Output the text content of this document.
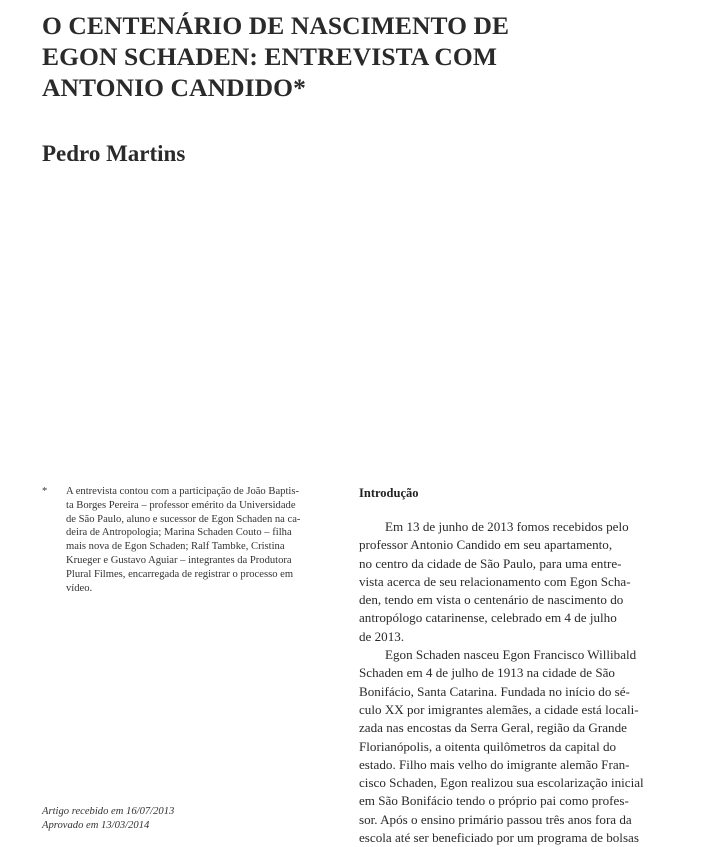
O CENTENÁRIO DE NASCIMENTO DE
EGON SCHADEN: ENTREVISTA COM
ANTONIO CANDIDO*
Pedro Martins
* A entrevista contou com a participação de João Baptis-
ta Borges Pereira – professor emérito da Universidade
de São Paulo, aluno e sucessor de Egon Schaden na ca-
deira de Antropologia; Marina Schaden Couto – filha
mais nova de Egon Schaden; Ralf Tambke, Cristina
Krueger e Gustavo Aguiar – integrantes da Produtora
Plural Filmes, encarregada de registrar o processo em
vídeo.
Artigo recebido em 16/07/2013
Aprovado em 13/03/2014
Introdução
Em 13 de junho de 2013 fomos recebidos pelo
professor Antonio Candido em seu apartamento,
no centro da cidade de São Paulo, para uma entre-
vista acerca de seu relacionamento com Egon Scha-
den, tendo em vista o centenário de nascimento do
antropólogo catarinense, celebrado em 4 de julho
de 2013.
Egon Schaden nasceu Egon Francisco Willibald
Schaden em 4 de julho de 1913 na cidade de São
Bonifácio, Santa Catarina. Fundada no início do sé-
culo XX por imigrantes alemães, a cidade está locali-
zada nas encostas da Serra Geral, região da Grande
Florianópolis, a oitenta quilômetros da capital do
estado. Filho mais velho do imigrante alemão Fran-
cisco Schaden, Egon realizou sua escolarização inicial
em São Bonifácio tendo o próprio pai como profes-
sor. Após o ensino primário passou três anos fora da
escola até ser beneficiado por um programa de bolsas
